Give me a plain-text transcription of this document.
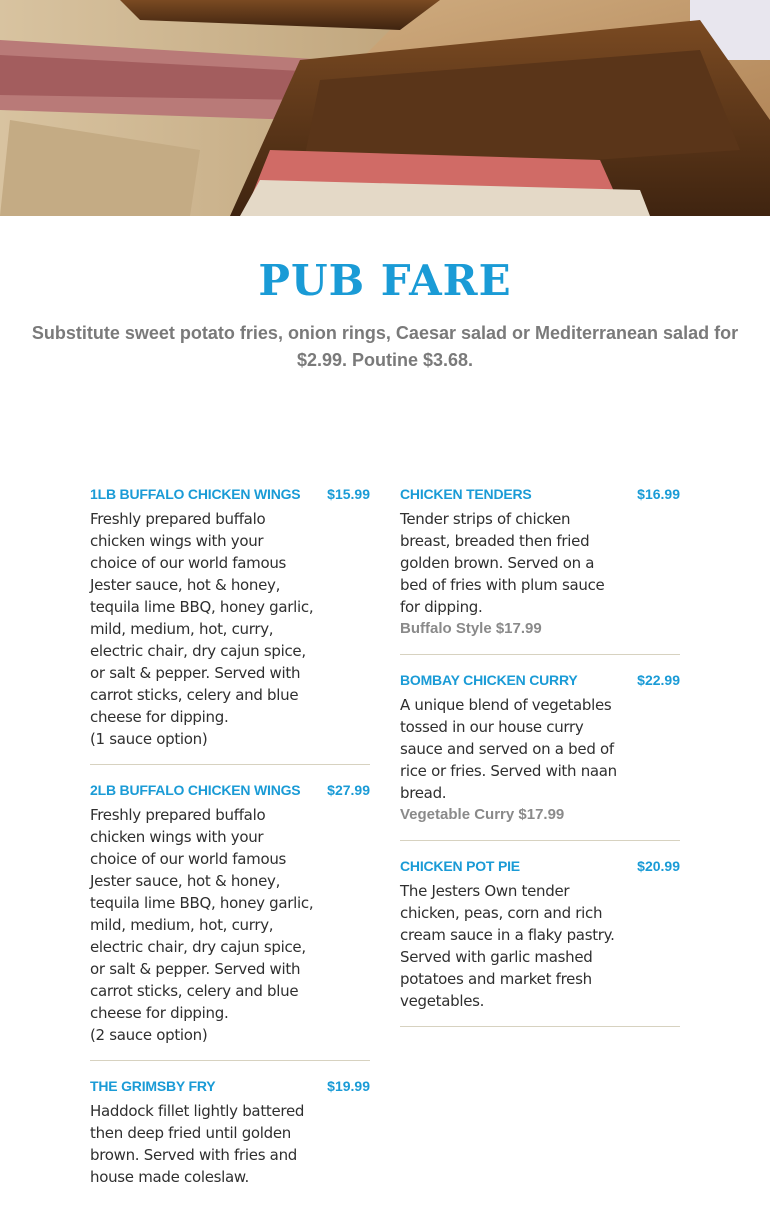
PUB FARE
Substitute sweet potato fries, onion rings, Caesar salad or Mediterranean salad for $2.99. Poutine $3.68.
1LB BUFFALO CHICKEN WINGS $15.99
Freshly prepared buffalo chicken wings with your choice of our world famous Jester sauce, hot & honey, tequila lime BBQ, honey garlic, mild, medium, hot, curry, electric chair, dry cajun spice, or salt & pepper. Served with carrot sticks, celery and blue cheese for dipping.
(1 sauce option)
2LB BUFFALO CHICKEN WINGS $27.99
Freshly prepared buffalo chicken wings with your choice of our world famous Jester sauce, hot & honey, tequila lime BBQ, honey garlic, mild, medium, hot, curry, electric chair, dry cajun spice, or salt & pepper. Served with carrot sticks, celery and blue cheese for dipping.
(2 sauce option)
THE GRIMSBY FRY	$19.99
Haddock fillet lightly battered then deep fried until golden brown. Served with fries and house made coleslaw.
CHICKEN TENDERS	$16.99
Tender strips of chicken breast, breaded then fried golden brown. Served on a bed of fries with plum sauce for dipping.
Buffalo Style $17.99
BOMBAY CHICKEN CURRY	$22.99
A unique blend of vegetables tossed in our house curry sauce and served on a bed of rice or fries. Served with naan bread.
Vegetable Curry $17.99
CHICKEN POT PIE	$20.99
The Jesters Own tender chicken, peas, corn and rich cream sauce in a flaky pastry. Served with garlic mashed potatoes and market fresh vegetables.
